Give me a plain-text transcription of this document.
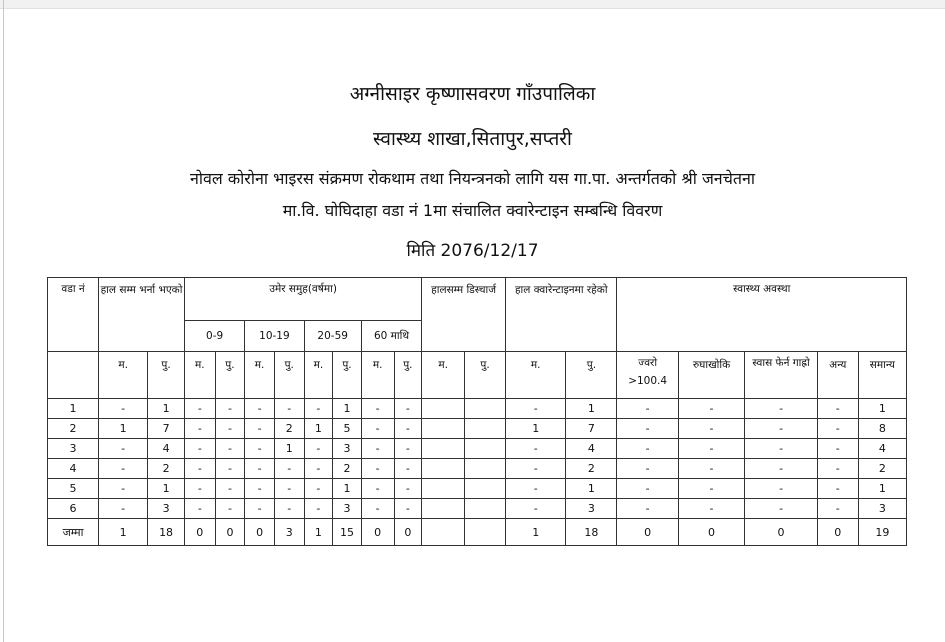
अग्नीसाइर कृष्णासवरण गाँउपालिका
स्वास्थ्य शाखा,सितापुर,सप्तरी
नोवल कोरोना भाइरस संक्रमण रोकथाम तथा नियन्त्रनको लागि यस गा.पा. अन्तर्गतको श्री जनचेतना
मा.वि. घोघिदाहा वडा नं 1मा संचालित क्वारेन्टाइन सम्बन्धि विवरण
मिति 2076/12/17
वडा नं	हाल सम्म भर्ना भएको		उमेर समुह(वर्षमा)								हालसम्म डिस्चार्ज		हाल क्वारेन्टाइनमा रहेको		स्वास्थ्य अवस्था				
			0-9		10-19		20-59		60 माथि										
	म.	पु.	म.	पु.	म.	पु.	म.	पु.	म.	पु.	म.	पु.	म.	पु.	ज्वरो >100.4	रुघाखोकि	स्वास फेर्न गाह्रो	अन्य	समान्य
1	-	1	-	-	-	-	-	1	-	-			-	1	-	-	-	-	1
2	1	7	-	-	-	2	1	5	-	-			1	7	-	-	-	-	8
3	-	4	-	-	-	1	-	3	-	-			-	4	-	-	-	-	4
4	-	2	-	-	-	-	-	2	-	-			-	2	-	-	-	-	2
5	-	1	-	-	-	-	-	1	-	-			-	1	-	-	-	-	1
6	-	3	-	-	-	-	-	3	-	-			-	3	-	-	-	-	3
जम्मा	1	18	0	0	0	3	1	15	0	0			1	18	0	0	0	0	19
